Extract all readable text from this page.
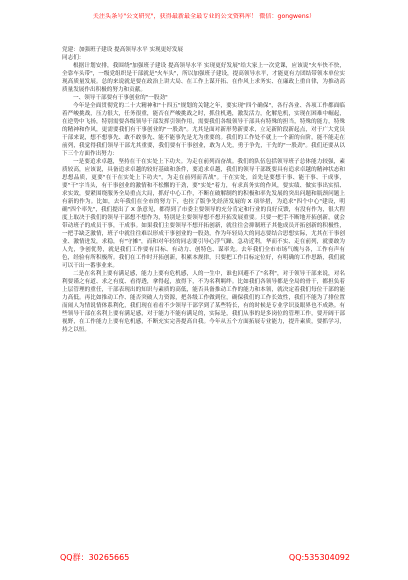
关注头条号"公文研究"，获得最新最全最专业的公文资料库！ 微信：gongwens）

党建：加强班子建设 提高领导水平 实现更好发展

同志们：

根据计划安排，我围绕"加强班子建设 提高领导水平 实现更好发展"给大家上一次党课，应该说"火车快不快，全靠车头带"，一级党组织是干部就是"火车头"，所以加强班子建设，提高领导水平，才能更有力团结带领本单位实现高质量发展。总的来说就是要在政治上讲大局、在工作上谋开拓、在作风上求务实、在廉政上重自律，为推动高质量发展作出积极的努力和贡献。

一、领导干部要有干事创业的"一股劲"

今年是全面贯彻党的二十大精神和"十四五"规划的关键之年，要实现"四个确保"，各行各业、各项工作都面临着严峻挑战，压力很大，任务很重，能否在严峻挑战之时，抓住机遇，激发活力，化解危机，实现在困难中崛起，在逆势中飞扬，特别需要各级领导干部发挥引领作用，需要我们各级领导干部具有特殊的担当，特殊的能力，特殊的精神和作风，更需要我们有干事创业的"一股劲"。尤其是面对新形势新要求，立足新阶段新起点，对于广大党员干部来说，想不想事先、敢不敢事先、能不能事先是尤为重要的。我们的工作处不就上一个新的台阶，能不能走在前列，我觉得我们领导干部尤其重要，我们要有干事创业，敢为人先，勇于争先，干先的"一股劲"。我们还要从以下三个方面作出努力：

一是要追求卓越，坚持在干在实处上下功夫。为走在前列而奋战。我们的队伍包括领导班子总体能力较强，素质较高，应该说，具备追求卓越的较好基础和条件，要追求卓越，我们的领导干部既要具有追求卓越的精神状态和思想品质，更要"在干在实处上下功夫"，为走在前列而苦战"。干在实处，首先是要想干事、能干事、干成事，要"干"字当头，有干事创业的激情和不松懈的干劲，要"实处"着力，有求真务实的作风，要实绩、做实事出实招、求实效，要紧围绕服务全局重点大局，抓好中心工作，不断在破解制约的积极和率先发展的突出问题和瓶颈问题上有新的作为。比如，去年我们在全市的努力下，也拉了版争先经济发展的 X 项举措，为追求"四个中心"建设，明确"四个率先"，我们提出了 X 条意见，都得到了市委主要领导的充分肯定和行业的良好反馈，有没有作为，很大程度上取决于我们的领导干部想不想作为，特别是主要领导想不想开拓发展重要。只要一把手不断地开拓创新，就会带动班子的成员干事，干成事。如果我们主要领导不想开拓创新，就往往会抑制班子其他成员开拓创新的积极性，一把手缺乏激情，班子中就往往难以形成干事创业的一股劲，作为年轻局大的同志要结合思想实际，尤其在干事创业、激情迸发，求稳，有"守摊"，而和对年轻的同志要引导心浮气躁、急功近利，华而不实、走在前列，就要敢为人先，争创优势，就是我们工作要有目标、有动力、创特色、谋率先。去年我们全市市场气魄与各，工作有声有色，经验有所积极所。我们在工作时开拓创新，积累本规律，只要把工作目标定位好，有明确的工作思路，我们就可以干出一番事业来。

二是在名利上要有满足感，能力上要有危机感，人的一生中，谁也回避不了"名利"，对于领导干部来说，对名利要谨之有道、求之有度、看得透，拿得起，放得下，不为名利羁绊。比如我们各领导都是全局的骨干，都担负着上层管理的重任，干部表现出的知识与素质的高低，能否具备推动工作的能力和本领，就决定着我们每位干部的能力高低。再比如推动工作、能否突破人力资源，把各级工作做到位，确保我们的工作长效性，我们不能为了排位置而闹人为情说情体系利化，我们现在看看不少领导干部学到了某些特长，有的时候是专业学识及眼界也不成熟。有些领导干部在名利上要有满足感，对于能力不能有满足的，实际是，我们从事的是多岗位的管理工作，要开阔干部视野，在工作能力上要有危机感，不断充实完善提高自我。今年从五个方面拓展专业能力，提升素质，要抓学习，持之以恒。

QQ群：30265665	QQ:535304092
